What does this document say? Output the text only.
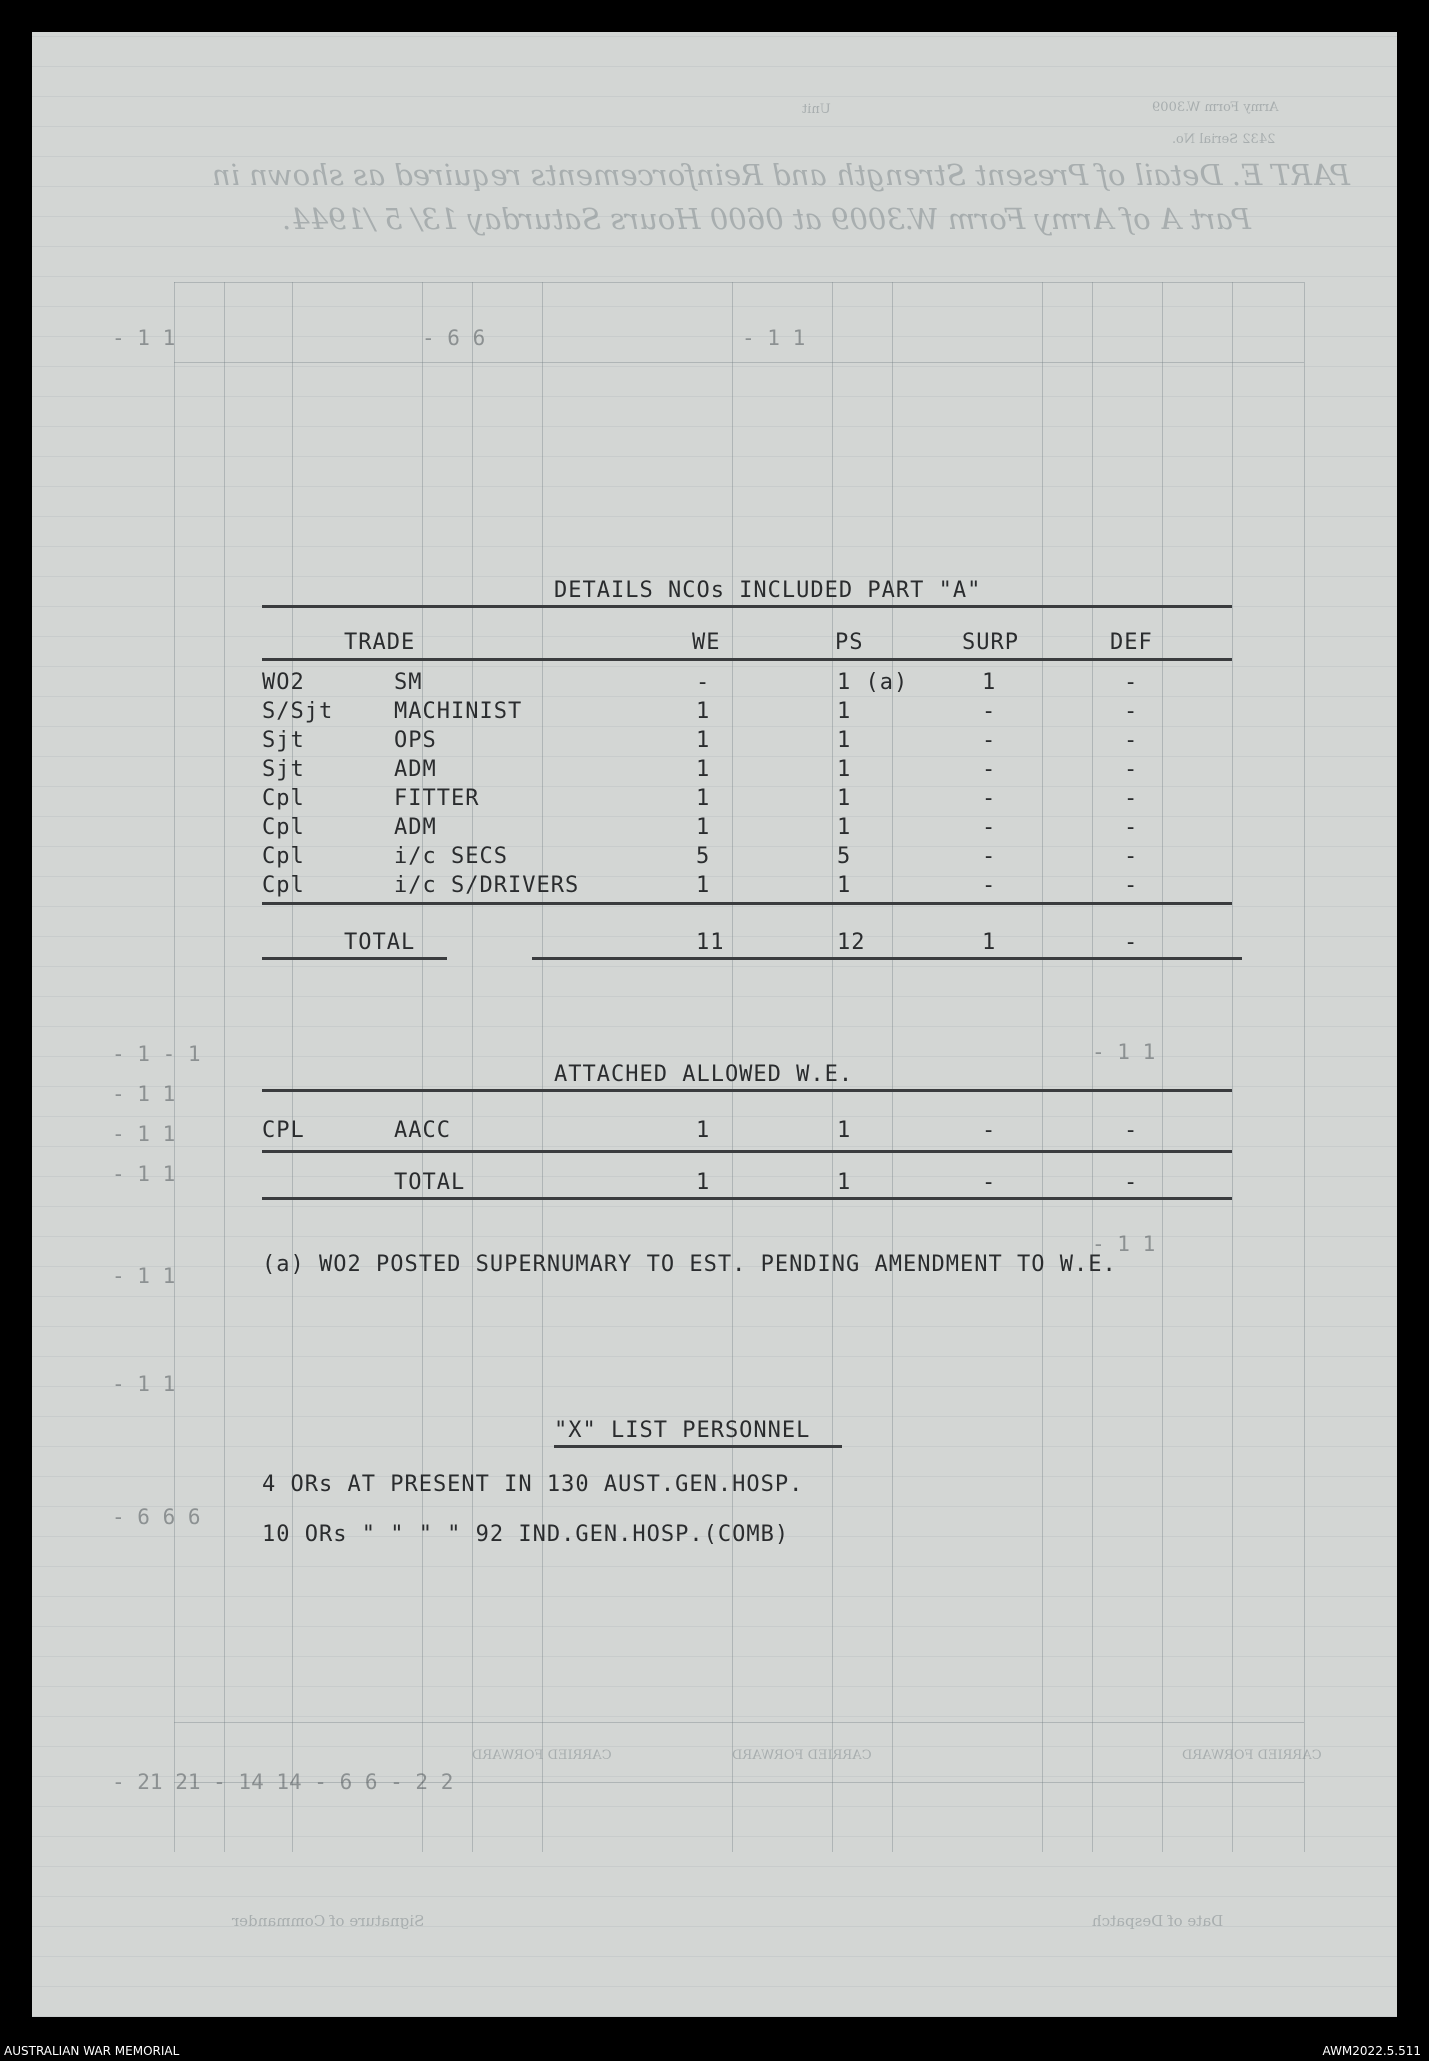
PART E. Detail of Present Strength and Reinforcements required as shown in
Part A of Army Form W.3009 at 0600 Hours Saturday 13/ 5 /1944.
Army Form W.3009
2432 Serial No.
Unit
CARRIED FORWARD
CARRIED FORWARD
CARRIED FORWARD
Date of Despatch
Signature of Commander
- 1 1	- 6 6	- 1 1
- 1 - 1
- 1 1
- 1 1
- 1 1
- 1 1
- 1 1
- 6 6 6
- 1 1
- 1 1
- 21 21 - 14 14 - 6 6 - 2 2
DETAILS NCOs INCLUDED PART "A"
TRADE	WE	PS	SURP	DEF
WO2	SM	-	1 (a)	1	-
S/Sjt	MACHINIST	1	1	-	-
Sjt	OPS	1	1	-	-
Sjt	ADM	1	1	-	-
Cpl	FITTER	1	1	-	-
Cpl	ADM	1	1	-	-
Cpl	i/c SECS	5	5	-	-
Cpl	i/c S/DRIVERS	1	1	-	-
TOTAL	11	12	1	-
ATTACHED ALLOWED W.E.
CPL	AACC	1	1	-	-
TOTAL	1	1	-	-
(a) WO2 POSTED SUPERNUMARY TO EST. PENDING AMENDMENT TO W.E.
"X" LIST PERSONNEL
4 ORs AT PRESENT IN 130 AUST.GEN.HOSP.
10 ORs " " " " 92 IND.GEN.HOSP.(COMB)
AUSTRALIAN WAR MEMORIAL	AWM2022.5.511
